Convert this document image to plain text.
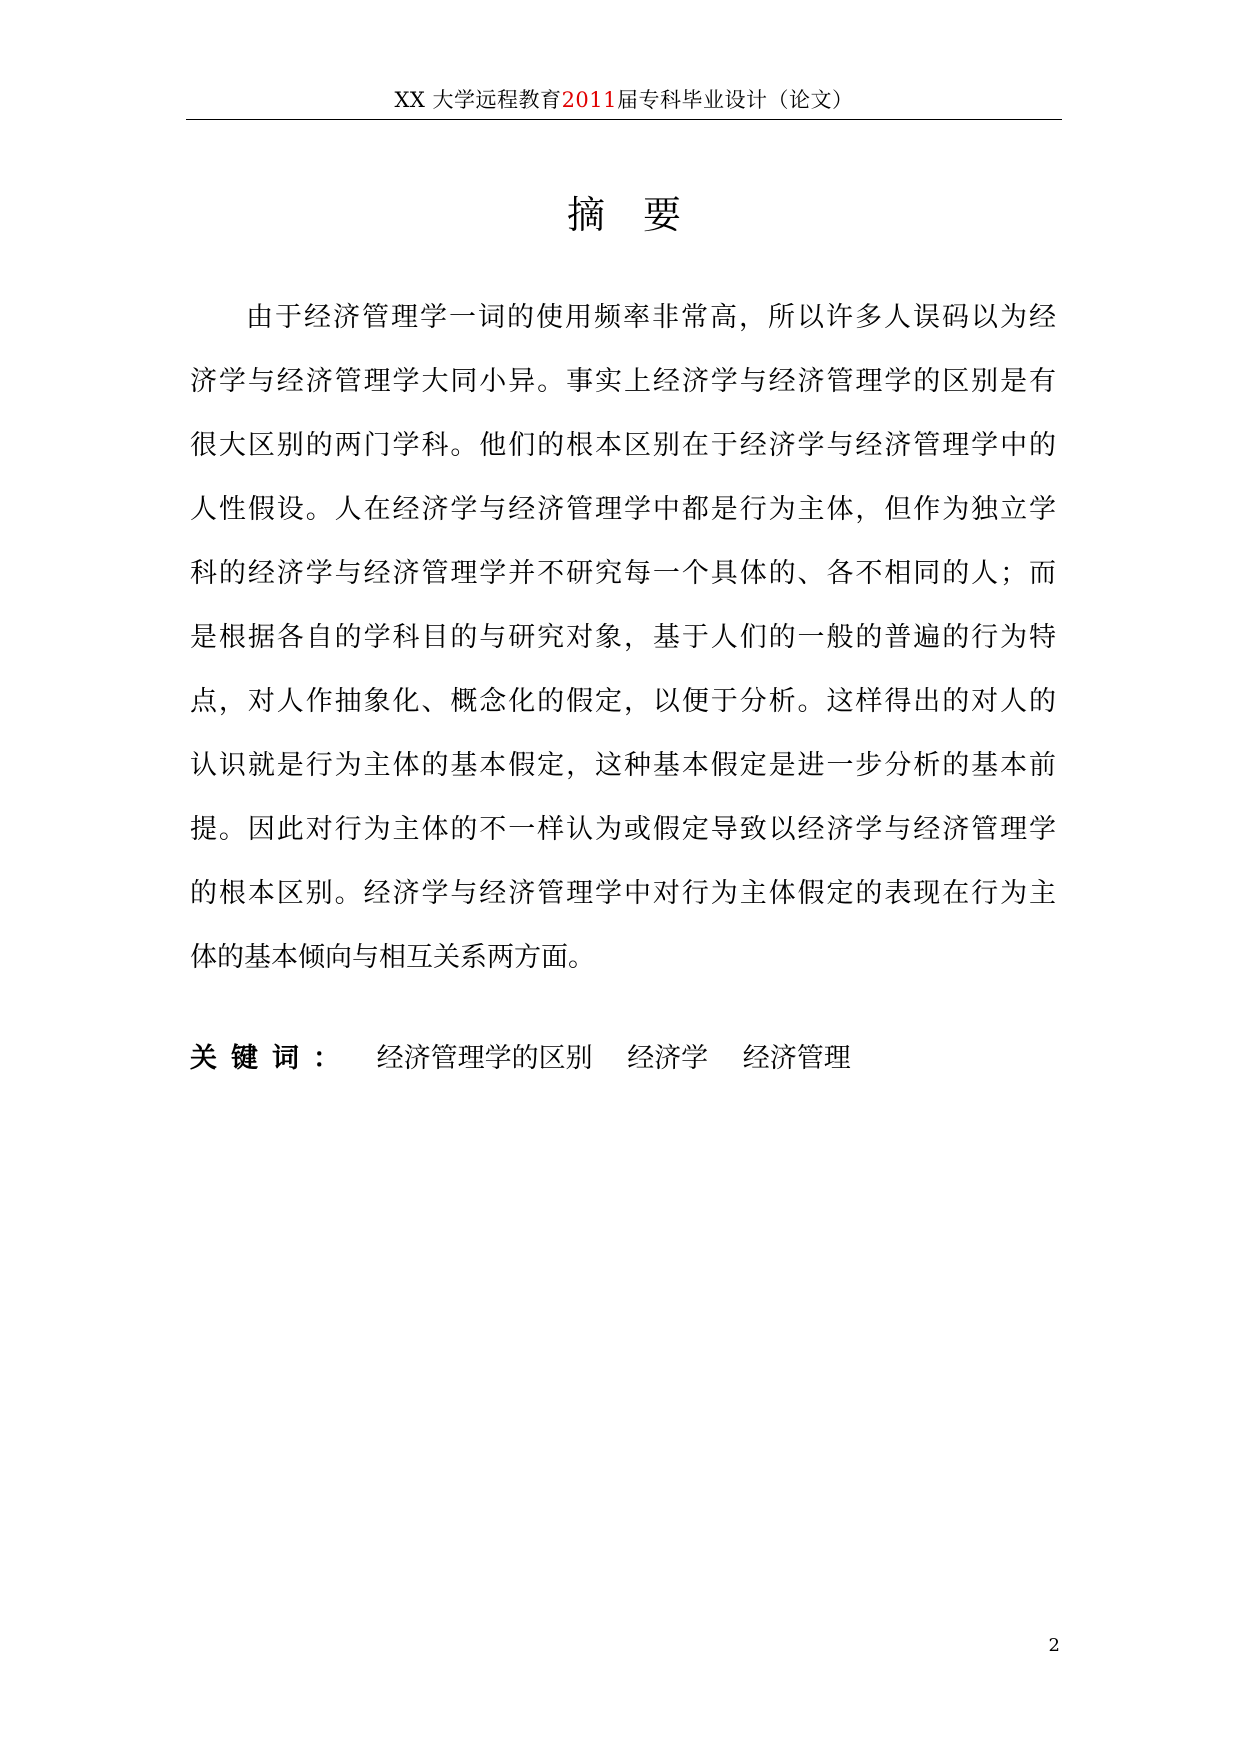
XX 大学远程教育2011届专科毕业设计（论文）
摘　要
由于经济管理学一词的使用频率非常高，所以许多人误码以为经
济学与经济管理学大同小异。事实上经济学与经济管理学的区别是有
很大区别的两门学科。他们的根本区别在于经济学与经济管理学中的
人性假设。人在经济学与经济管理学中都是行为主体，但作为独立学
科的经济学与经济管理学并不研究每一个具体的、各不相同的人；而
是根据各自的学科目的与研究对象，基于人们的一般的普遍的行为特
点，对人作抽象化、概念化的假定，以便于分析。这样得出的对人的
认识就是行为主体的基本假定，这种基本假定是进一步分析的基本前
提。因此对行为主体的不一样认为或假定导致以经济学与经济管理学
的根本区别。经济学与经济管理学中对行为主体假定的表现在行为主
体的基本倾向与相互关系两方面。
关键词： 经济管理学的区别 经济学 经济管理
2
